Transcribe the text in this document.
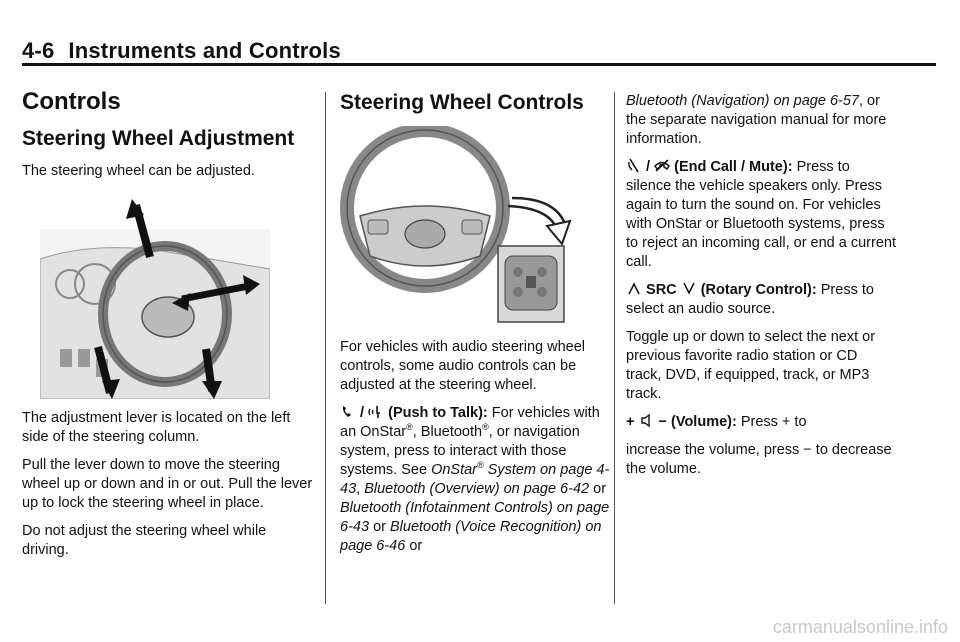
4-6 Instruments and Controls
Controls
Steering Wheel Adjustment

The steering wheel can be adjusted.

The adjustment lever is located on the left side of the steering column.

Pull the lever down to move the steering wheel up or down and in or out. Pull the lever up to lock the steering wheel in place.

Do not adjust the steering wheel while driving.

Steering Wheel Controls

For vehicles with audio steering wheel controls, some audio controls can be adjusted at the steering wheel.

/  (Push to Talk): For vehicles with an OnStar®, Bluetooth®, or navigation system, press to interact with those systems. See OnStar® System on page 4-43, Bluetooth (Overview) on page 6-42 or Bluetooth (Infotainment Controls) on page 6-43 or Bluetooth (Voice Recognition) on page 6-46 or

Bluetooth (Navigation) on page 6-57, or the separate navigation manual for more information.

/  (End Call / Mute): Press to silence the vehicle speakers only. Press again to turn the sound on. For vehicles with OnStar or Bluetooth systems, press to reject an incoming call, or end a current call.

SRC (Rotary Control): Press to select an audio source.

Toggle up or down to select the next or previous favorite radio station or CD track, DVD, if equipped, track, or MP3 track.

+ − (Volume): Press + to

increase the volume, press − to decrease the volume.

carmanualsonline.info
